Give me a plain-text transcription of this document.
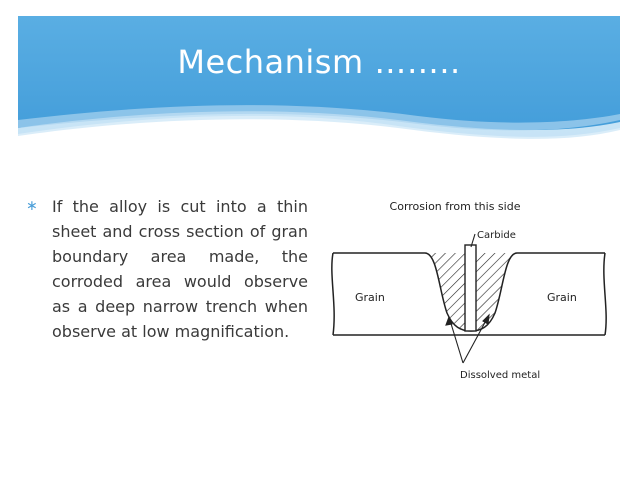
Mechanism ……..
∗ If the alloy is cut into a thin sheet and cross section of gran boundary area made, the corroded area would observe as a deep narrow trench when observe at low magnification.
Corrosion from this side
Carbide
Grain	Grain
Dissolved metal
